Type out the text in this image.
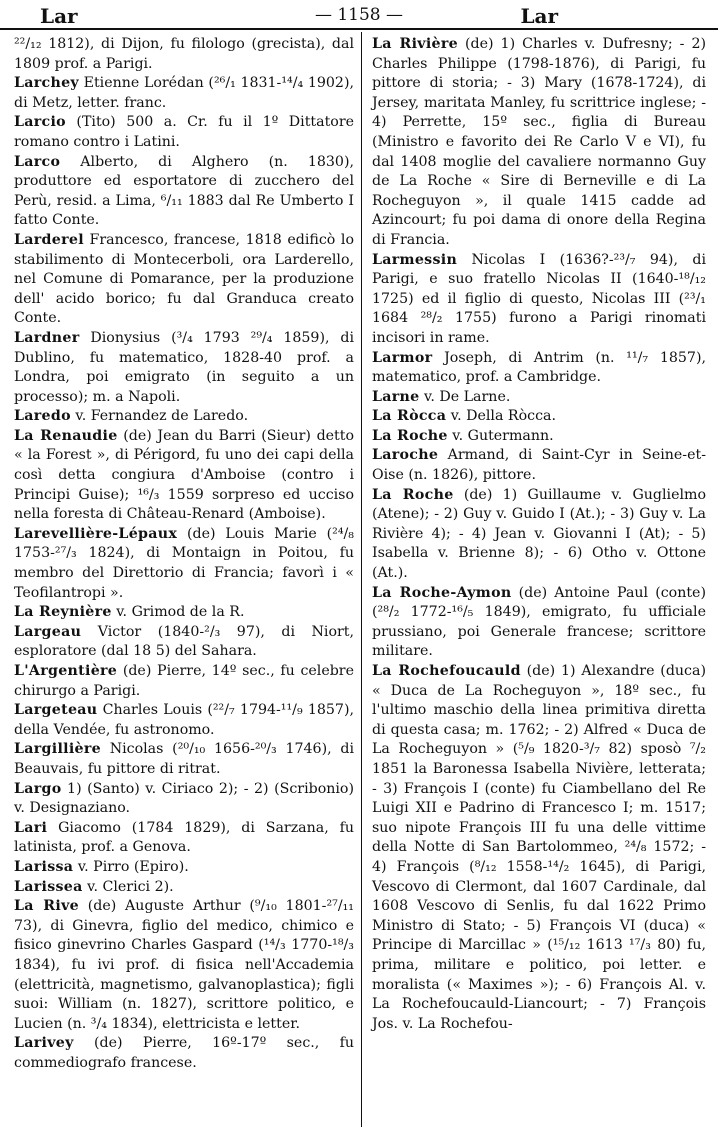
Lar	— 1158 —	Lar

²²/₁₂ 1812), di Dijon, fu filologo (grecista), dal 1809 prof. a Parigi.

Larchey Etienne Lorédan (²⁶/₁ 1831-¹⁴/₄ 1902), di Metz, letter. franc.

Larcio (Tito) 500 a. Cr. fu il 1º Dittatore romano contro i Latini.

Larco Alberto, di Alghero (n. 1830), produttore ed esportatore di zucchero del Perù, resid. a Lima, ⁶/₁₁ 1883 dal Re Umberto I fatto Conte.

Larderel Francesco, francese, 1818 edificò lo stabilimento di Montecerboli, ora Larderello, nel Comune di Pomarance, per la produzione dell' acido borico; fu dal Granduca creato Conte.

Lardner Dionysius (³/₄ 1793 ²⁹/₄ 1859), di Dublino, fu matematico, 1828-40 prof. a Londra, poi emigrato (in seguito a un processo); m. a Napoli.

Laredo v. Fernandez de Laredo.

La Renaudie (de) Jean du Barri (Sieur) detto « la Forest », di Périgord, fu uno dei capi della così detta congiura d'Amboise (contro i Principi Guise); ¹⁶/₃ 1559 sorpreso ed ucciso nella foresta di Château-Renard (Amboise).

Larevellière-Lépaux (de) Louis Marie (²⁴/₈ 1753-²⁷/₃ 1824), di Montaign in Poitou, fu membro del Direttorio di Francia; favorì i « Teofilantropi ».

La Reynière v. Grimod de la R.

Largeau Victor (1840-²/₃ 97), di Niort, esploratore (dal 18 5) del Sahara.

L'Argentière (de) Pierre, 14º sec., fu celebre chirurgo a Parigi.

Largeteau Charles Louis (²²/₇ 1794-¹¹/₉ 1857), della Vendée, fu astronomo.

Largillière Nicolas (²⁰/₁₀ 1656-²⁰/₃ 1746), di Beauvais, fu pittore di ritrat.

Largo 1) (Santo) v. Ciriaco 2); - 2) (Scribonio) v. Designaziano.

Lari Giacomo (1784 1829), di Sarzana, fu latinista, prof. a Genova.

Larissa v. Pirro (Epiro).

Larissea v. Clerici 2).

La Rive (de) Auguste Arthur (⁹/₁₀ 1801-²⁷/₁₁ 73), di Ginevra, figlio del medico, chimico e fisico ginevrino Charles Gaspard (¹⁴/₃ 1770-¹⁸/₃ 1834), fu ivi prof. di fisica nell'Accademia (elettricità, magnetismo, galvanoplastica); figli suoi: William (n. 1827), scrittore politico, e Lucien (n. ³/₄ 1834), elettricista e letter.

Larivey (de) Pierre, 16º-17º sec., fu commediografo francese.

La Rivière (de) 1) Charles v. Dufresny; - 2) Charles Philippe (1798-1876), di Parigi, fu pittore di storia; - 3) Mary (1678-1724), di Jersey, maritata Manley, fu scrittrice inglese; - 4) Perrette, 15º sec., figlia di Bureau (Ministro e favorito dei Re Carlo V e VI), fu dal 1408 moglie del cavaliere normanno Guy de La Roche « Sire di Berneville e di La Rocheguyon », il quale 1415 cadde ad Azincourt; fu poi dama di onore della Regina di Francia.

Larmessin Nicolas I (1636?-²³/₇ 94), di Parigi, e suo fratello Nicolas II (1640-¹⁸/₁₂ 1725) ed il figlio di questo, Nicolas III (²³/₁ 1684 ²⁸/₂ 1755) furono a Parigi rinomati incisori in rame.

Larmor Joseph, di Antrim (n. ¹¹/₇ 1857), matematico, prof. a Cambridge.

Larne v. De Larne.

La Ròcca v. Della Ròcca.

La Roche v. Gutermann.

Laroche Armand, di Saint-Cyr in Seine-et-Oise (n. 1826), pittore.

La Roche (de) 1) Guillaume v. Guglielmo (Atene); - 2) Guy v. Guido I (At.); - 3) Guy v. La Rivière 4); - 4) Jean v. Giovanni I (At); - 5) Isabella v. Brienne 8); - 6) Otho v. Ottone (At.).

La Roche-Aymon (de) Antoine Paul (conte) (²⁸/₂ 1772-¹⁶/₅ 1849), emigrato, fu ufficiale prussiano, poi Generale francese; scrittore militare.

La Rochefoucauld (de) 1) Alexandre (duca) « Duca de La Rocheguyon », 18º sec., fu l'ultimo maschio della linea primitiva diretta di questa casa; m. 1762; - 2) Alfred « Duca de La Rocheguyon » (⁵/₉ 1820-³/₇ 82) sposò ⁷/₂ 1851 la Baronessa Isabella Nivière, letterata; - 3) François I (conte) fu Ciambellano del Re Luigi XII e Padrino di Francesco I; m. 1517; suo nipote François III fu una delle vittime della Notte di San Bartolommeo, ²⁴/₈ 1572; - 4) François (⁸/₁₂ 1558-¹⁴/₂ 1645), di Parigi, Vescovo di Clermont, dal 1607 Cardinale, dal 1608 Vescovo di Senlis, fu dal 1622 Primo Ministro di Stato; - 5) François VI (duca) « Principe di Marcillac » (¹⁵/₁₂ 1613 ¹⁷/₃ 80) fu, prima, militare e politico, poi letter. e moralista (« Maximes »); - 6) François Al. v. La Rochefoucauld-Liancourt; - 7) François Jos. v. La Rochefou-
